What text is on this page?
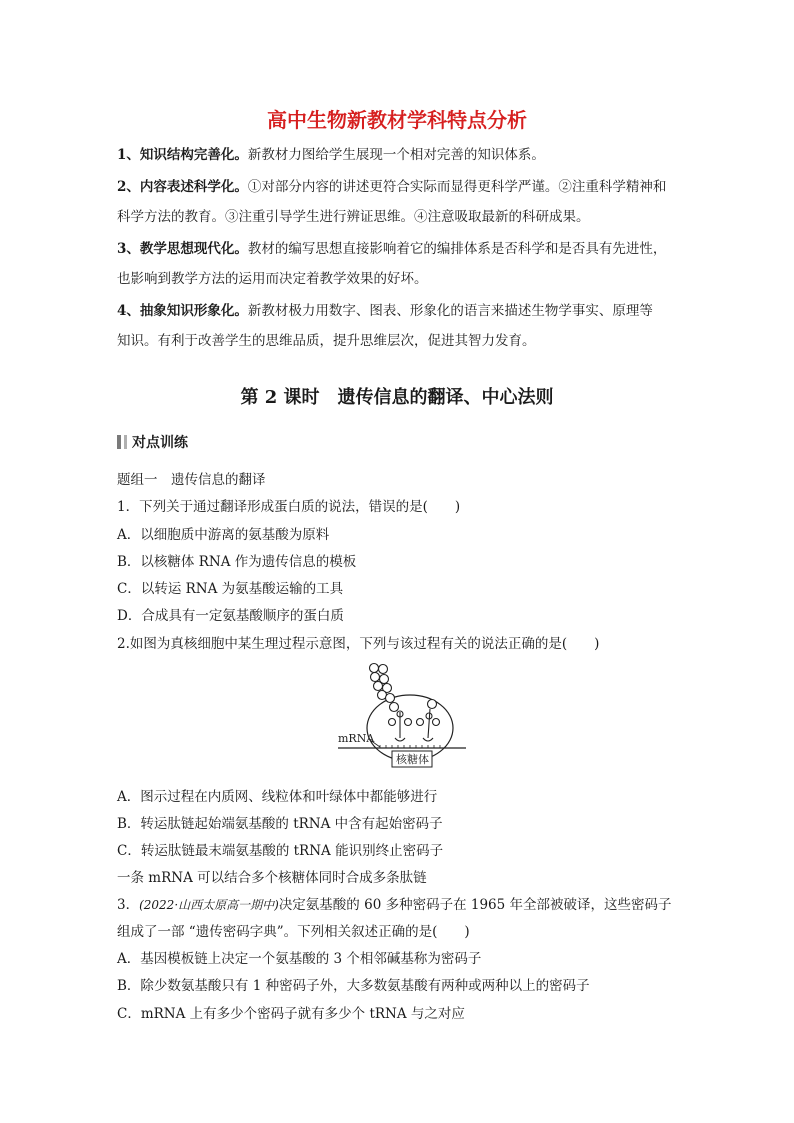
高中生物新教材学科特点分析
1、知识结构完善化。新教材力图给学生展现一个相对完善的知识体系。
2、内容表述科学化。①对部分内容的讲述更符合实际而显得更科学严谨。②注重科学精神和
科学方法的教育。③注重引导学生进行辨证思维。④注意吸取最新的科研成果。
3、教学思想现代化。教材的编写思想直接影响着它的编排体系是否科学和是否具有先进性，
也影响到教学方法的运用而决定着教学效果的好坏。
4、抽象知识形象化。新教材极力用数字、图表、形象化的语言来描述生物学事实、原理等
知识。有利于改善学生的思维品质，提升思维层次，促进其智力发育。
第 2 课时　遗传信息的翻译、中心法则
对点训练
题组一　遗传信息的翻译
1．下列关于通过翻译形成蛋白质的说法，错误的是(　　)
A．以细胞质中游离的氨基酸为原料
B．以核糖体 RNA 作为遗传信息的模板
C．以转运 RNA 为氨基酸运输的工具
D．合成具有一定氨基酸顺序的蛋白质
2.如图为真核细胞中某生理过程示意图，下列与该过程有关的说法正确的是(　　)
mRNA
核糖体
A．图示过程在内质网、线粒体和叶绿体中都能够进行
B．转运肽链起始端氨基酸的 tRNA 中含有起始密码子
C．转运肽链最末端氨基酸的 tRNA 能识别终止密码子
一条 mRNA 可以结合多个核糖体同时合成多条肽链
3．(2022·山西太原高一期中)决定氨基酸的 60 多种密码子在 1965 年全部被破译，这些密码子
组成了一部 “遗传密码字典”。下列相关叙述正确的是(　　)
A．基因模板链上决定一个氨基酸的 3 个相邻碱基称为密码子
B．除少数氨基酸只有 1 种密码子外，大多数氨基酸有两种或两种以上的密码子
C．mRNA 上有多少个密码子就有多少个 tRNA 与之对应
